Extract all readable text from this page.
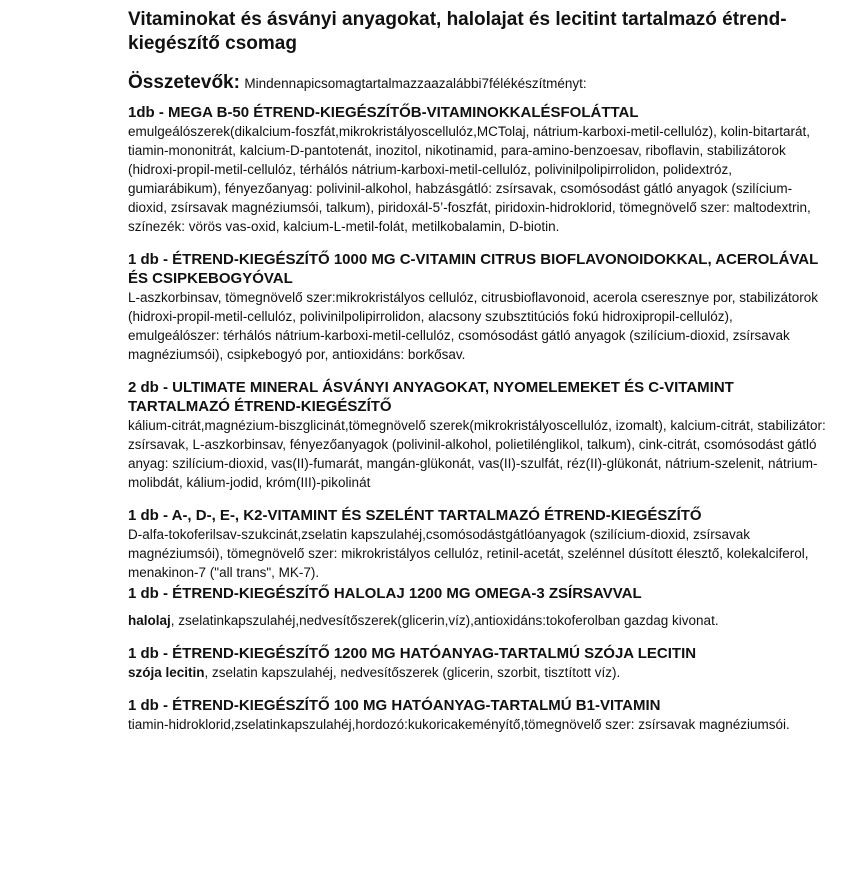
Vitaminokat és ásványi anyagokat, halolajat és lecitint tartalmazó étrend-kiegészítő csomag
Összetevők: Mindennapicsomagtartalmazzaazalábbi7félékészítményt:

1db - MEGA B-50 ÉTREND-KIEGÉSZÍTŐB-VITAMINOKKALÉSFOLÁTTAL

emulgeálószerek(dikalcium-foszfát,mikrokristályoscellulóz,MCTolaj, nátrium-karboxi-metil-cellulóz), kolin-bitartarát, tiamin-mononitrát, kalcium-D-pantotenát, inozitol, nikotinamid, para-amino-benzoesav, riboflavin, stabilizátorok (hidroxi-propil-metil-cellulóz, térhálós nátrium-karboxi-metil-cellulóz, polivinilpolipirrolidon, polidextróz, gumiarábikum), fényezőanyag: polivinil-alkohol, habzásgátló: zsírsavak, csomósodást gátló anyagok (szilícium-dioxid, zsírsavak magnéziumsói, talkum), piridoxál-5’-foszfát, piridoxin-hidroklorid, tömegnövelő szer: maltodextrin, színezék: vörös vas-oxid, kalcium-L-metil-folát, metilkobalamin, D-biotin.

1 db - ÉTREND-KIEGÉSZÍTŐ 1000 MG C-VITAMIN CITRUS BIOFLAVONOIDOKKAL, ACEROLÁVAL ÉS CSIPKEBOGYÓVAL

L-aszkorbinsav, tömegnövelő szer:mikrokristályos cellulóz, citrusbioflavonoid, acerola cseresznye por, stabilizátorok (hidroxi-propil-metil-cellulóz, polivinilpolipirrolidon, alacsony szubsztitúciós fokú hidroxipropil-cellulóz), emulgeálószer: térhálós nátrium-karboxi-metil-cellulóz, csomósodást gátló anyagok (szilícium-dioxid, zsírsavak magnéziumsói), csipkebogyó por, antioxidáns: borkősav.

2 db - ULTIMATE MINERAL ÁSVÁNYI ANYAGOKAT, NYOMELEMEKET ÉS C-VITAMINT TARTALMAZÓ ÉTREND-KIEGÉSZÍTŐ

kálium-citrát,magnézium-biszglicinát,tömegnövelő szerek(mikrokristályoscellulóz, izomalt), kalcium-citrát, stabilizátor: zsírsavak, L-aszkorbinsav, fényezőanyagok (polivinil-alkohol, polietilénglikol, talkum), cink-citrát, csomósodást gátló anyag: szilícium-dioxid, vas(II)-fumarát, mangán-glükonát, vas(II)-szulfát, réz(II)-glükonát, nátrium-szelenit, nátrium-molibdát, kálium-jodid, króm(III)-pikolinát

1 db - A-, D-, E-, K2-VITAMINT ÉS SZELÉNT TARTALMAZÓ ÉTREND-KIEGÉSZÍTŐ

D-alfa-tokoferilsav-szukcinát,zselatin kapszulahéj,csomósodástgátlóanyagok (szilícium-dioxid, zsírsavak magnéziumsói), tömegnövelő szer: mikrokristályos cellulóz, retinil-acetát, szelénnel dúsított élesztő, kolekalciferol, menakinon-7 ("all trans", MK-7).

1 db - ÉTREND-KIEGÉSZÍTŐ HALOLAJ 1200 MG OMEGA-3 ZSÍRSAVVAL

halolaj, zselatinkapszulahéj,nedvesítőszerek(glicerin,víz),antioxidáns:tokoferolban gazdag kivonat.

1 db - ÉTREND-KIEGÉSZÍTŐ 1200 MG HATÓANYAG-TARTALMÚ SZÓJA LECITIN

szója lecitin, zselatin kapszulahéj, nedvesítőszerek (glicerin, szorbit, tisztított víz).

1 db - ÉTREND-KIEGÉSZÍTŐ 100 MG HATÓANYAG-TARTALMÚ B1-VITAMIN

tiamin-hidroklorid,zselatinkapszulahéj,hordozó:kukoricakeményítő,tömegnövelő szer: zsírsavak magnéziumsói.
